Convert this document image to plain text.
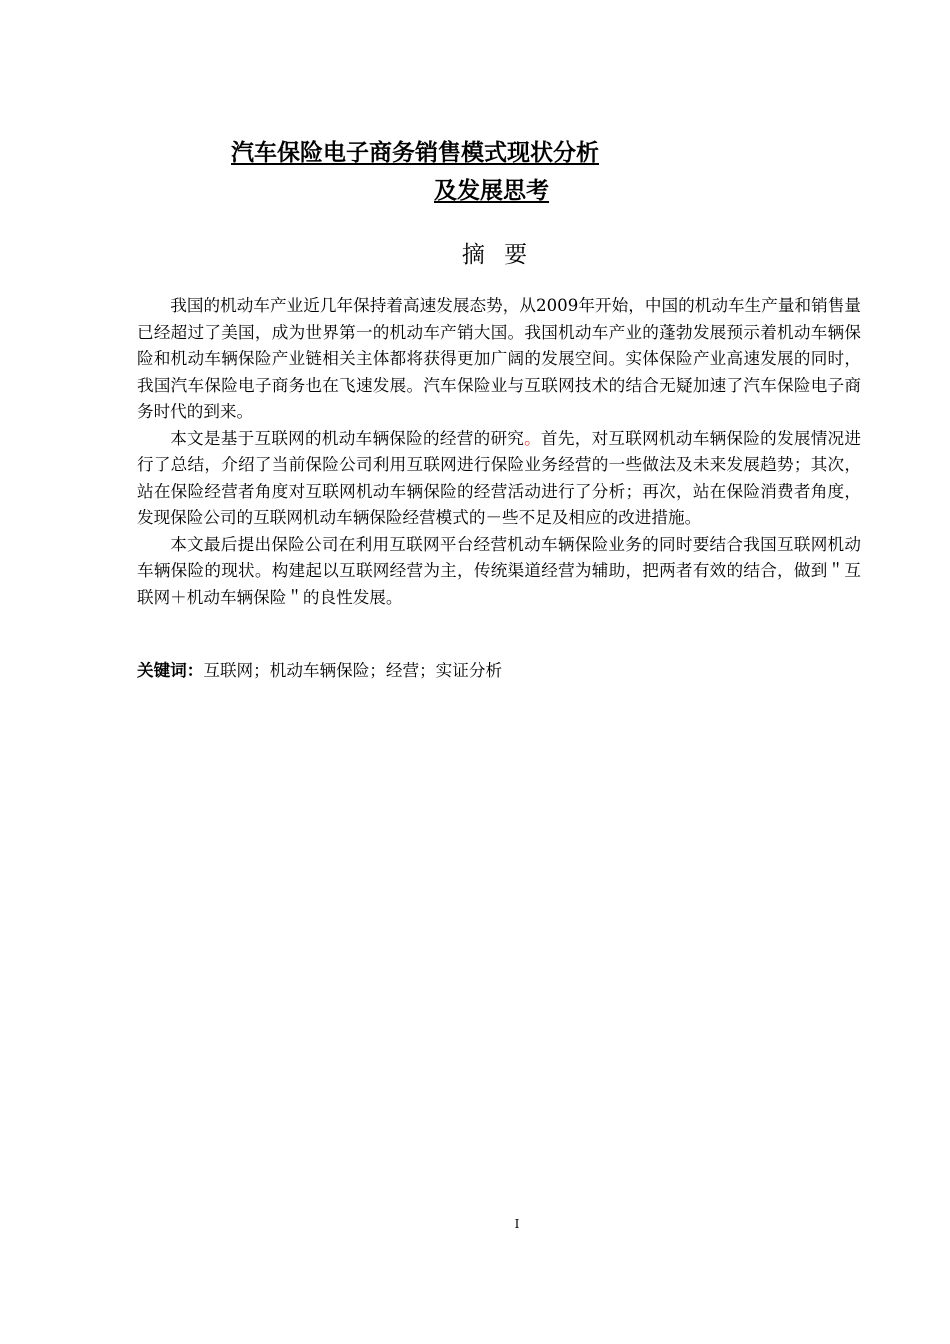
汽车保险电子商务销售模式现状分析
及发展思考
摘 要

我国的机动车产业近几年保持着高速发展态势，从2009年开始，中国的机动车生产量和销售量已经超过了美国，成为世界第一的机动车产销大国。我国机动车产业的蓬勃发展预示着机动车辆保险和机动车辆保险产业链相关主体都将获得更加广阔的发展空间。实体保险产业高速发展的同时，我国汽车保险电子商务也在飞速发展。汽车保险业与互联网技术的结合无疑加速了汽车保险电子商务时代的到来。

本文是基于互联网的机动车辆保险的经营的研究。首先，对互联网机动车辆保险的发展情况进行了总结，介绍了当前保险公司利用互联网进行保险业务经营的一些做法及未来发展趋势；其次，站在保险经营者角度对互联网机动车辆保险的经营活动进行了分析；再次，站在保险消费者角度，发现保险公司的互联网机动车辆保险经营模式的－些不足及相应的改进措施。

本文最后提出保险公司在利用互联网平台经营机动车辆保险业务的同时要结合我国互联网机动车辆保险的现状。构建起以互联网经营为主，传统渠道经营为辅助，把两者有效的结合，做到＂互联网＋机动车辆保险＂的良性发展。

关键词：互联网；机动车辆保险；经营；实证分析

I
